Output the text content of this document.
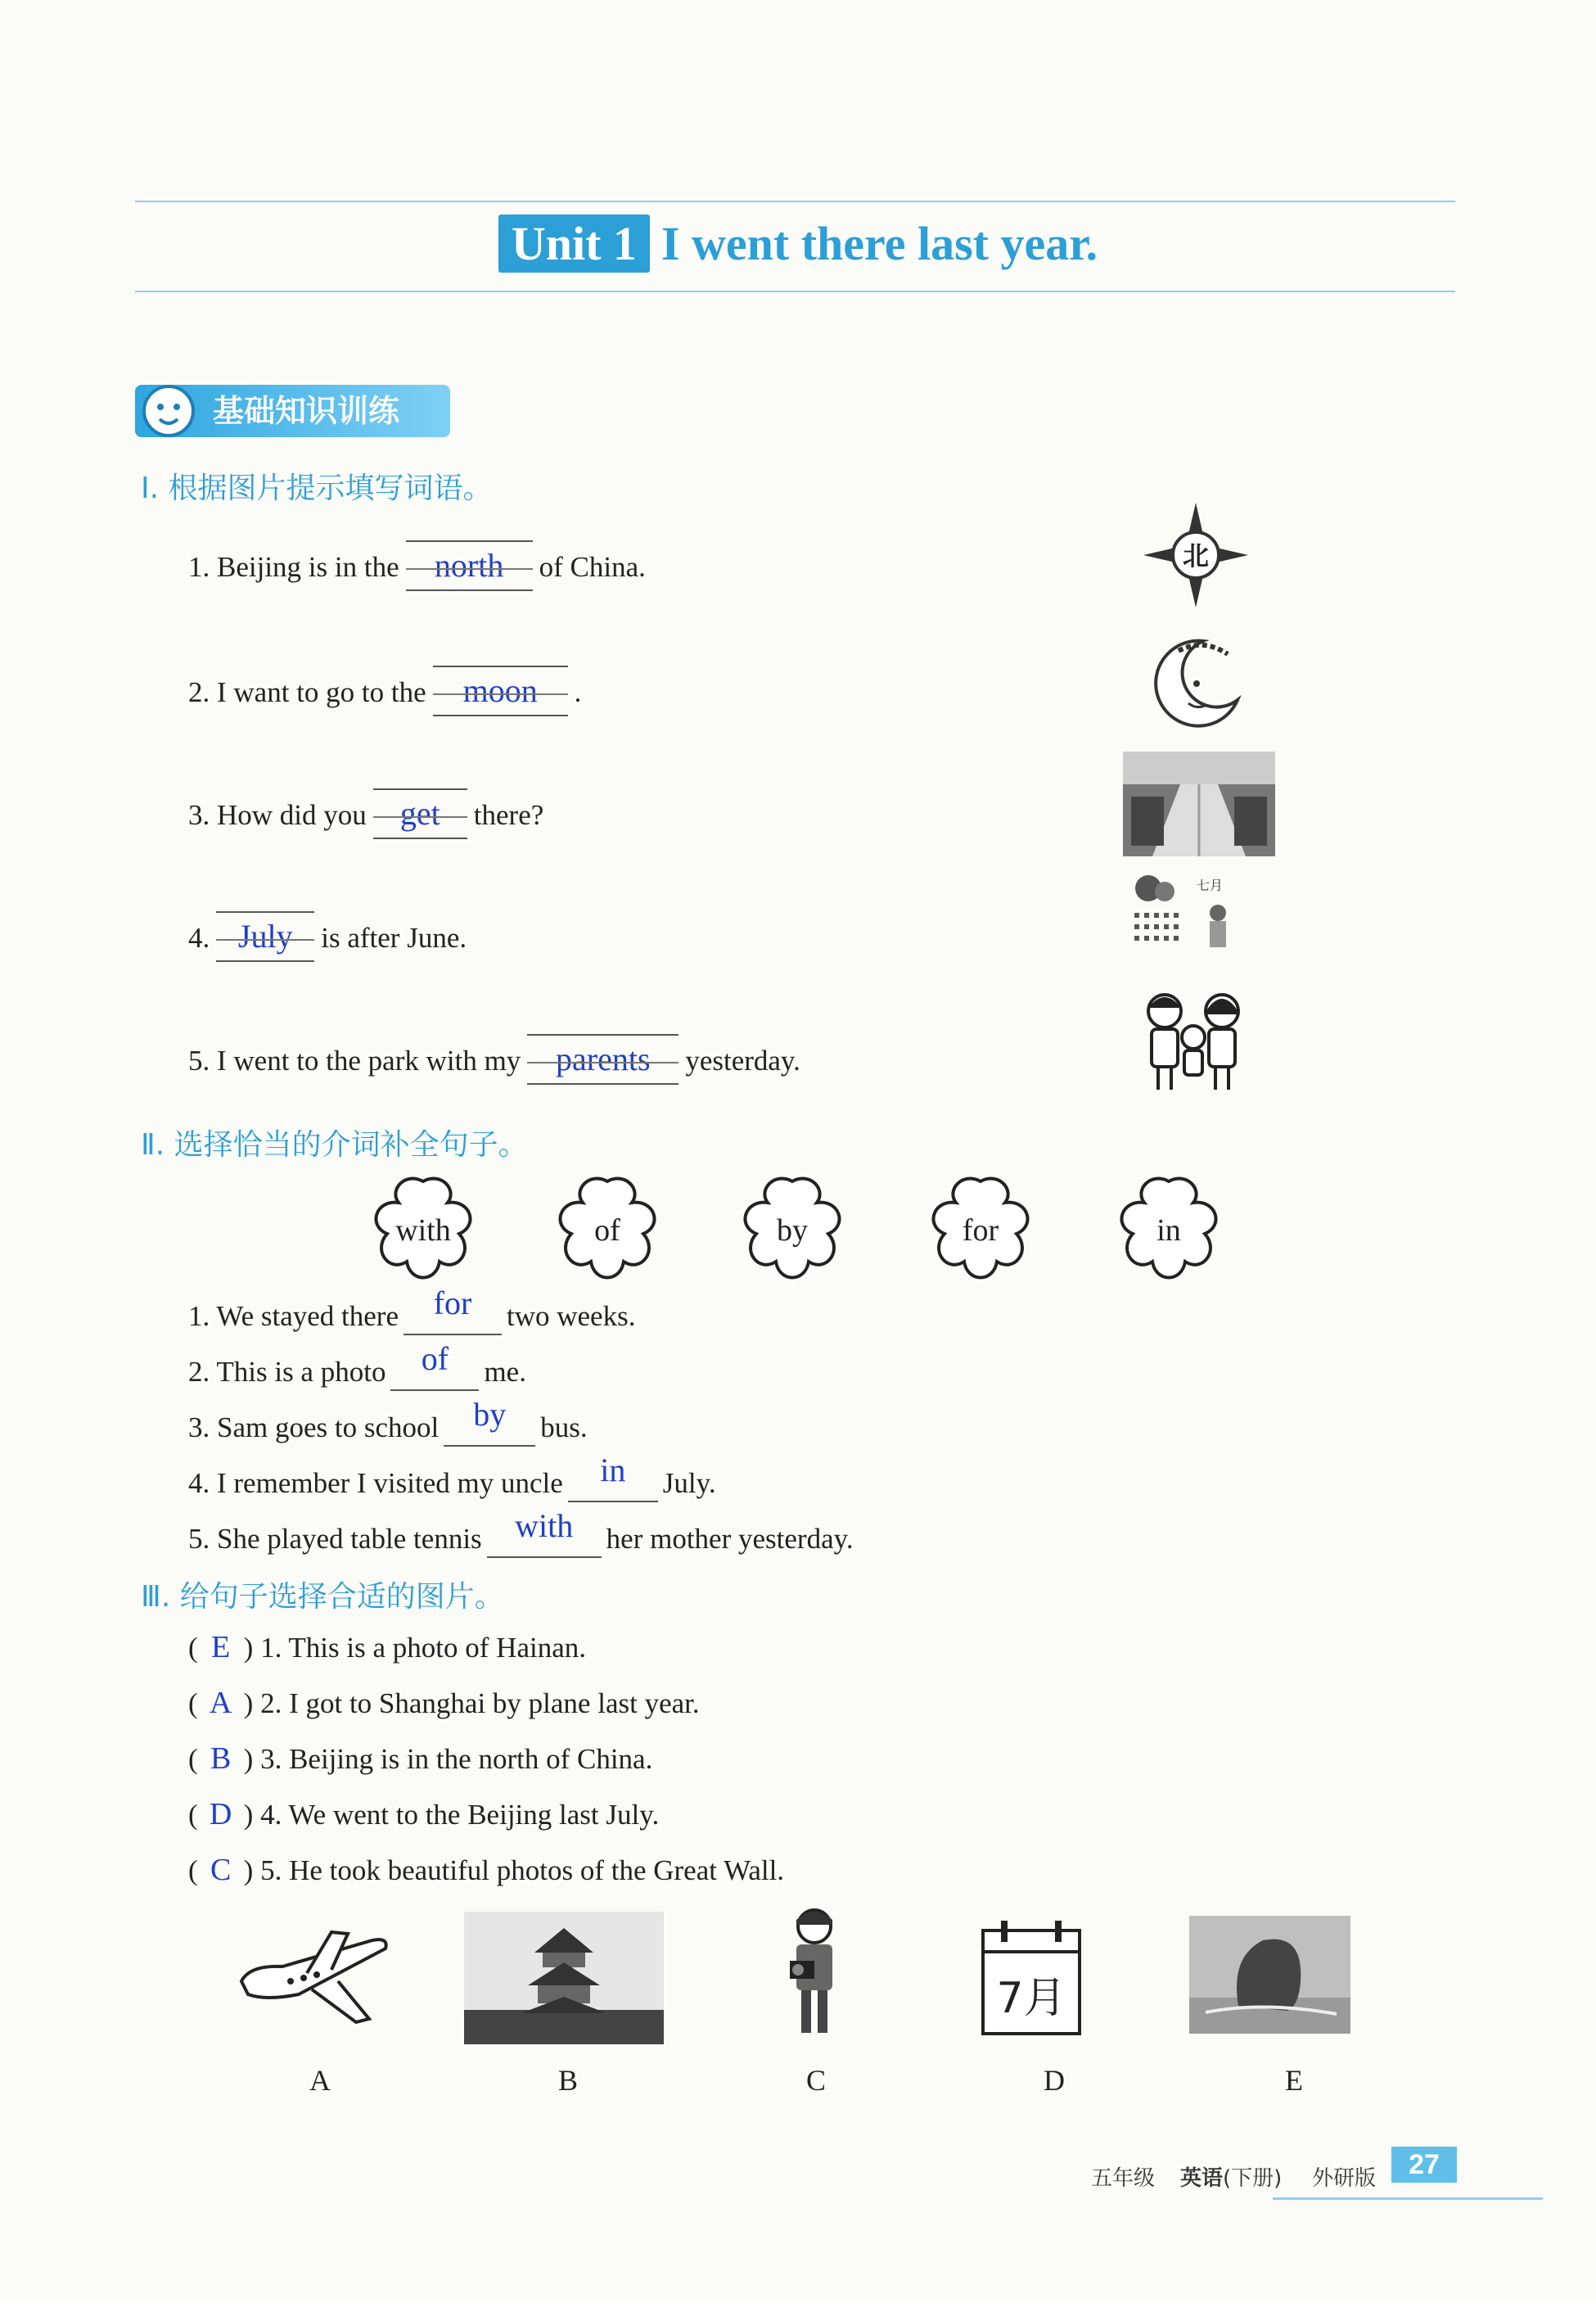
Unit 1 I went there last year.
基础知识训练
Ⅰ. 根据图片提示填写词语。
1. Beijing is in the north of China.
2. I want to go to the moon .
3. How did you get there?
4. July is after June.
5. I went to the park with my parents yesterday.
北
七月
Ⅱ. 选择恰当的介词补全句子。
with	of	by	for	in
1. We stayed there for two weeks.
2. This is a photo of me.
3. Sam goes to school by bus.
4. I remember I visited my uncle in July.
5. She played table tennis with her mother yesterday.
Ⅲ. 给句子选择合适的图片。
( E ) 1. This is a photo of Hainan.
( A ) 2. I got to Shanghai by plane last year.
( B ) 3. Beijing is in the north of China.
( D ) 4. We went to the Beijing last July.
( C ) 5. He took beautiful photos of the Great Wall.
7月
A	B	C	D	E
五年级 英语 (下册) 外研版	27
